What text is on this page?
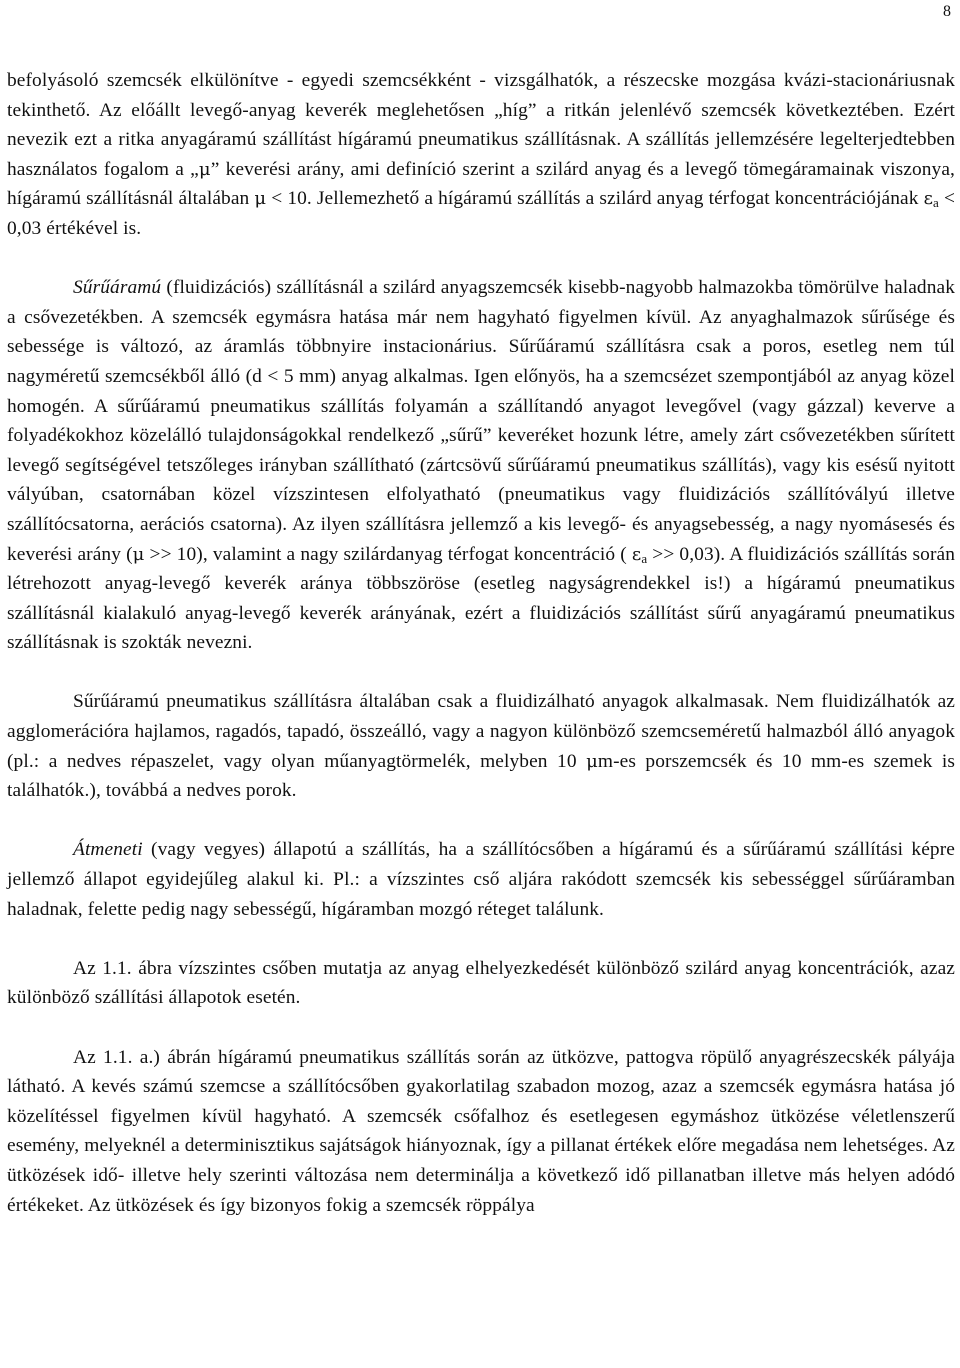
8

befolyásoló szemcsék elkülönítve - egyedi szemcsékként - vizsgálhatók, a részecske mozgása kvázi-stacionáriusnak tekinthető. Az előállt levegő-anyag keverék meglehetősen „híg” a ritkán jelenlévő szemcsék következtében. Ezért nevezik ezt a ritka anyagáramú szállítást hígáramú pneumatikus szállításnak. A szállítás jellemzésére legelterjedtebben használatos fogalom a „μ” keverési arány, ami definíció szerint a szilárd anyag és a levegő tömegáramainak viszonya, hígáramú szállításnál általában μ < 10. Jellemezhető a hígáramú szállítás a szilárd anyag térfogat koncentrációjának $\varepsilon_a < 0,03$ értékével is.

Sűrűáramú (fluidizációs) szállításnál a szilárd anyagszemcsék kisebb-nagyobb halmazokba tömörülve haladnak a csővezetékben. A szemcsék egymásra hatása már nem hagyható figyelmen kívül. Az anyaghalmazok sűrűsége és sebessége is változó, az áramlás többnyire instacionárius. Sűrűáramú szállításra csak a poros, esetleg nem túl nagyméretű szemcsékből álló (d < 5 mm) anyag alkalmas. Igen előnyös, ha a szemcsézet szempontjából az anyag közel homogén. A sűrűáramú pneumatikus szállítás folyamán a szállítandó anyagot levegővel (vagy gázzal) keverve a folyadékokhoz közelálló tulajdonságokkal rendelkező „sűrű” keveréket hozunk létre, amely zárt csővezetékben sűrített levegő segítségével tetszőleges irányban szállítható (zártcsövű sűrűáramú pneumatikus szállítás), vagy kis esésű nyitott vályúban, csatornában közel vízszintesen elfolyatható (pneumatikus vagy fluidizációs szállítóvályú illetve szállítócsatorna, aerációs csatorna). Az ilyen szállításra jellemző a kis levegő- és anyagsebesség, a nagy nyomásesés és keverési arány (μ >> 10), valamint a nagy szilárdanyag térfogat koncentráció ( $\varepsilon_a >> 0,03$). A fluidizációs szállítás során létrehozott anyag-levegő keverék aránya többszöröse (esetleg nagyságrendekkel is!) a hígáramú pneumatikus szállításnál kialakuló anyag-levegő keverék arányának, ezért a fluidizációs szállítást sűrű anyagáramú pneumatikus szállításnak is szokták nevezni.

Sűrűáramú pneumatikus szállításra általában csak a fluidizálható anyagok alkalmasak. Nem fluidizálhatók az agglomerációra hajlamos, ragadós, tapadó, összeálló, vagy a nagyon különböző szemcseméretű halmazból álló anyagok (pl.: a nedves répaszelet, vagy olyan műanyagtörmelék, melyben 10 μm-es porszemcsék és 10 mm-es szemek is találhatók.), továbbá a nedves porok.

Átmeneti (vagy vegyes) állapotú a szállítás, ha a szállítócsőben a hígáramú és a sűrűáramú szállítási képre jellemző állapot egyidejűleg alakul ki. Pl.: a vízszintes cső aljára rakódott szemcsék kis sebességgel sűrűáramban haladnak, felette pedig nagy sebességű, hígáramban mozgó réteget találunk.

Az 1.1. ábra vízszintes csőben mutatja az anyag elhelyezkedését különböző szilárd anyag koncentrációk, azaz különböző szállítási állapotok esetén.

Az 1.1. a.) ábrán hígáramú pneumatikus szállítás során az ütközve, pattogva röpülő anyagrészecskék pályája látható. A kevés számú szemcse a szállítócsőben gyakorlatilag szabadon mozog, azaz a szemcsék egymásra hatása jó közelítéssel figyelmen kívül hagyható. A szemcsék csőfalhoz és esetlegesen egymáshoz ütközése véletlenszerű esemény, melyeknél a determinisztikus sajátságok hiányoznak, így a pillanat értékek előre megadása nem lehetséges. Az ütközések idő- illetve hely szerinti változása nem determinálja a következő idő pillanatban illetve más helyen adódó értékeket. Az ütközések és így bizonyos fokig a szemcsék röppálya
